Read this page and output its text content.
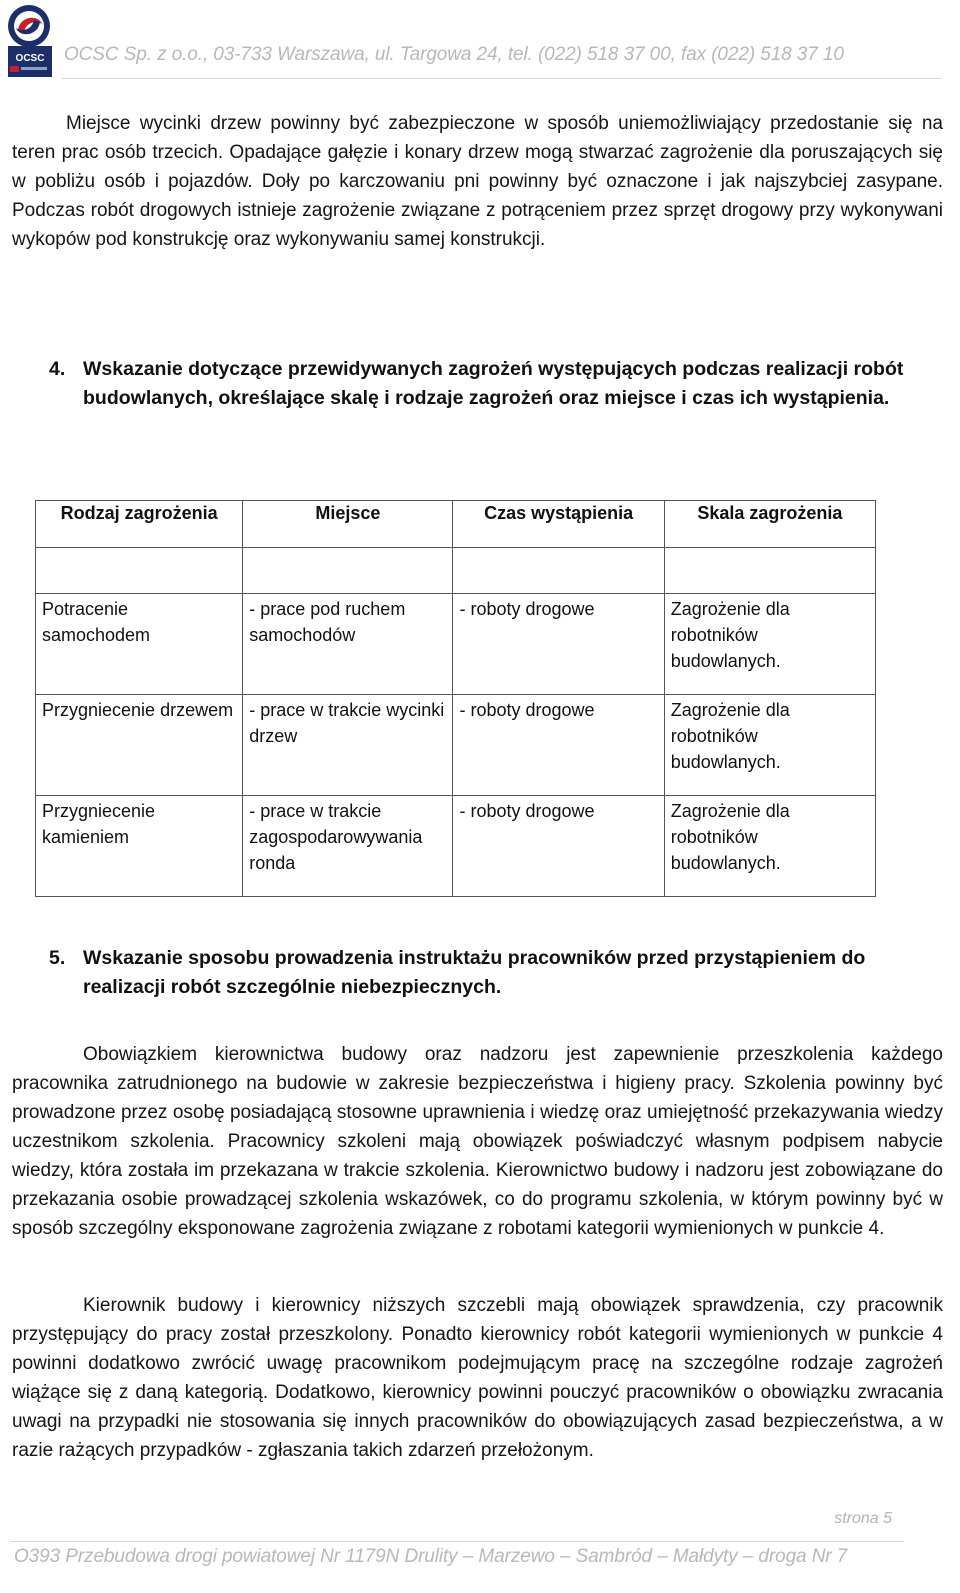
OCSC OCSC Sp. z o.o., 03-733 Warszawa, ul. Targowa 24, tel. (022) 518 37 00, fax (022) 518 37 10
Miejsce wycinki drzew powinny być zabezpieczone w sposób uniemożliwiający przedostanie się na teren prac osób trzecich. Opadające gałęzie i konary drzew mogą stwarzać zagrożenie dla poruszających się w pobliżu osób i pojazdów. Doły po karczowaniu pni powinny być oznaczone i jak najszybciej zasypane. Podczas robót drogowych istnieje zagrożenie związane z potrąceniem przez sprzęt drogowy przy wykonywani wykopów pod konstrukcję oraz wykonywaniu samej konstrukcji.
4. Wskazanie dotyczące przewidywanych zagrożeń występujących podczas realizacji robót budowlanych, określające skalę i rodzaje zagrożeń oraz miejsce i czas ich wystąpienia.
Rodzaj zagrożenia	Miejsce	Czas wystąpienia	Skala zagrożenia

Potracenie samochodem	- prace pod ruchem samochodów	- roboty drogowe	Zagrożenie dla robotników budowlanych.

Przygniecenie drzewem	- prace w trakcie wycinki drzew	- roboty drogowe	Zagrożenie dla robotników budowlanych.

Przygniecenie kamieniem	- prace w trakcie zagospodarowywania ronda	- roboty drogowe	Zagrożenie dla robotników budowlanych.
5. Wskazanie sposobu prowadzenia instruktażu pracowników przed przystąpieniem do realizacji robót szczególnie niebezpiecznych.
Obowiązkiem kierownictwa budowy oraz nadzoru jest zapewnienie przeszkolenia każdego pracownika zatrudnionego na budowie w zakresie bezpieczeństwa i higieny pracy. Szkolenia powinny być prowadzone przez osobę posiadającą stosowne uprawnienia i wiedzę oraz umiejętność przekazywania wiedzy uczestnikom szkolenia. Pracownicy szkoleni mają obowiązek poświadczyć własnym podpisem nabycie wiedzy, która została im przekazana w trakcie szkolenia. Kierownictwo budowy i nadzoru jest zobowiązane do przekazania osobie prowadzącej szkolenia wskazówek, co do programu szkolenia, w którym powinny być w sposób szczególny eksponowane zagrożenia związane z robotami kategorii wymienionych w punkcie 4.
Kierownik budowy i kierownicy niższych szczebli mają obowiązek sprawdzenia, czy pracownik przystępujący do pracy został przeszkolony. Ponadto kierownicy robót kategorii wymienionych w punkcie 4 powinni dodatkowo zwrócić uwagę pracownikom podejmującym pracę na szczególne rodzaje zagrożeń wiążące się z daną kategorią. Dodatkowo, kierownicy powinni pouczyć pracowników o obowiązku zwracania uwagi na przypadki nie stosowania się innych pracowników do obowiązujących zasad bezpieczeństwa, a w razie rażących przypadków - zgłaszania takich zdarzeń przełożonym.
strona 5
O393 Przebudowa drogi powiatowej Nr 1179N Drulity – Marzewo – Sambród – Małdyty – droga Nr 7
